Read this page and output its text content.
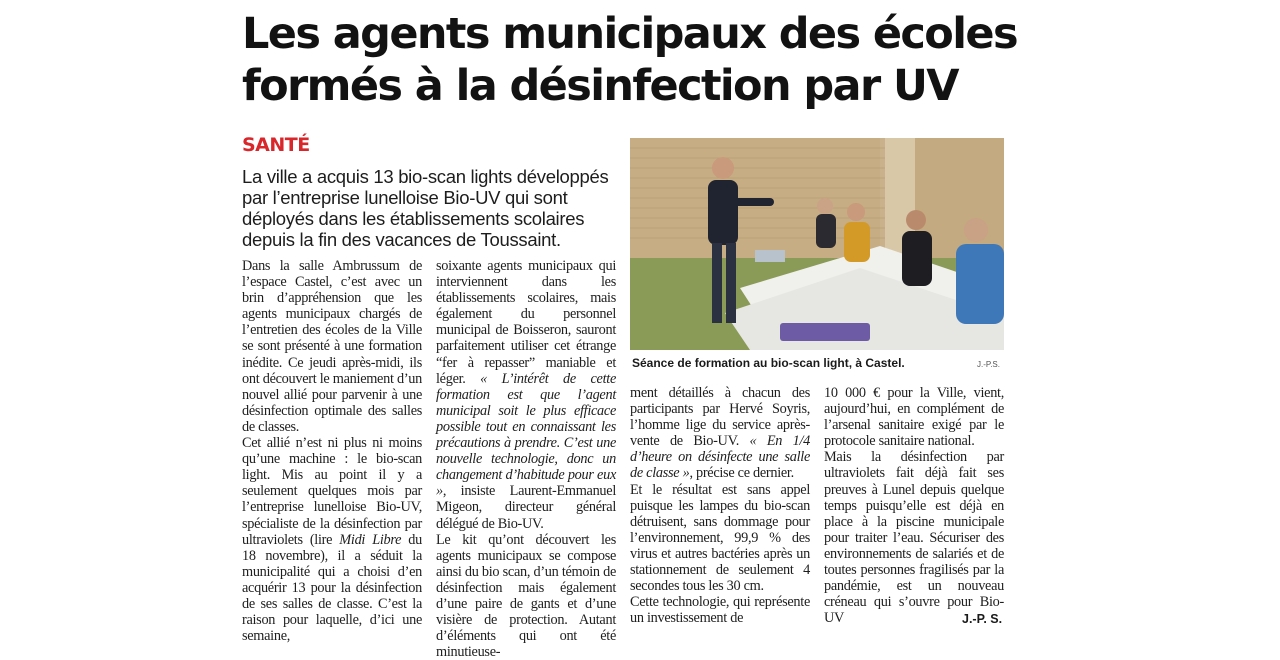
Les agents municipaux des écoles formés à la désinfection par UV
SANTÉ

La ville a acquis 13 bio-scan lights développés par l’entreprise lunelloise Bio-UV qui sont déployés dans les établissements scolaires depuis la fin des vacances de Toussaint.

Dans la salle Ambrussum de l’espace Castel, c’est avec un brin d’appréhension que les agents municipaux chargés de l’entretien des écoles de la Ville se sont présenté à une formation inédite. Ce jeudi après-midi, ils ont découvert le maniement d’un nouvel allié pour parvenir à une désinfection optimale des salles de classes.

Cet allié n’est ni plus ni moins qu’une machine : le bio-scan light. Mis au point il y a seulement quelques mois par l’entreprise lunelloise Bio-UV, spécialiste de la désinfection par ultraviolets (lire Midi Libre du 18 novembre), il a séduit la municipalité qui a choisi d’en acquérir 13 pour la désinfection de ses salles de classe. C’est la raison pour laquelle, d’ici une semaine,

soixante agents municipaux qui interviennent dans les établissements scolaires, mais également du personnel municipal de Boisseron, sauront parfaitement utiliser cet étrange “fer à repasser” maniable et léger. « L’intérêt de cette formation est que l’agent municipal soit le plus efficace possible tout en connaissant les précautions à prendre. C’est une nouvelle technologie, donc un changement d’habitude pour eux », insiste Laurent-Emmanuel Migeon, directeur général délégué de Bio-UV.

Le kit qu’ont découvert les agents municipaux se compose ainsi du bio scan, d’un témoin de désinfection mais également d’une paire de gants et d’une visière de protection. Autant d’éléments qui ont été minutieuse-

ment détaillés à chacun des participants par Hervé Soyris, l’homme lige du service après-vente de Bio-UV. « En 1/4 d’heure on désinfecte une salle de classe », précise ce dernier.

Et le résultat est sans appel puisque les lampes du bio-scan détruisent, sans dommage pour l’environnement, 99,9 % des virus et autres bactéries après un stationnement de seulement 4 secondes tous les 30 cm.

Cette technologie, qui représente un investissement de

10 000 € pour la Ville, vient, aujourd’hui, en complément de l’arsenal sanitaire exigé par le protocole sanitaire national.

Mais la désinfection par ultraviolets fait déjà fait ses preuves à Lunel depuis quelque temps puisqu’elle est déjà en place à la piscine municipale pour traiter l’eau. Sécuriser des environnements de salariés et de toutes personnes fragilisés par la pandémie, est un nouveau créneau qui s’ouvre pour Bio-UV

Séance de formation au bio-scan light, à Castel.	J.-P.S.
J.-P. S.
